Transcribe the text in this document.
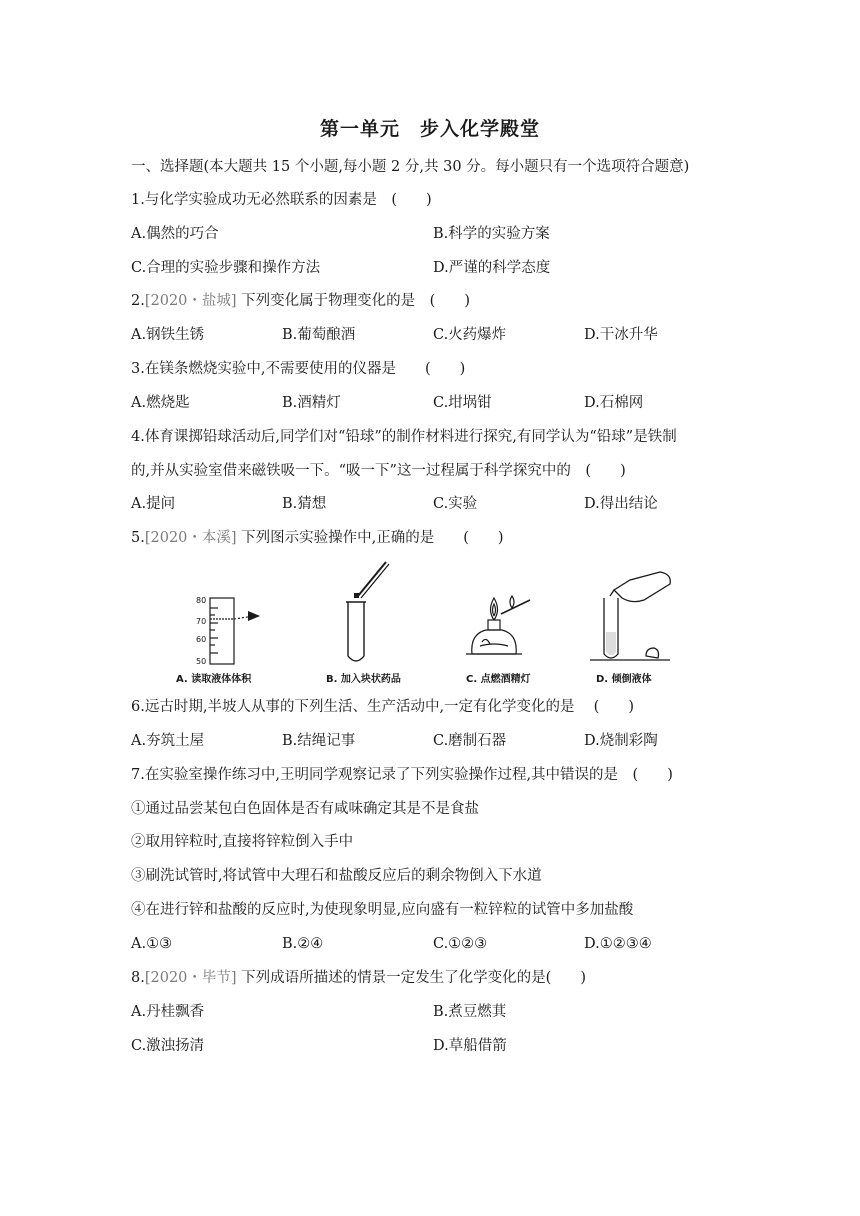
第一单元　步入化学殿堂
一、选择题(本大题共 15 个小题,每小题 2 分,共 30 分。每小题只有一个选项符合题意)
1.与化学实验成功无必然联系的因素是　(　　)
A.偶然的巧合	B.科学的实验方案
C.合理的实验步骤和操作方法	D.严谨的科学态度
2.[2020・盐城] 下列变化属于物理变化的是　(　　)
A.钢铁生锈	B.葡萄酿酒	C.火药爆炸	D.干冰升华
3.在镁条燃烧实验中,不需要使用的仪器是　　(　　)
A.燃烧匙	B.酒精灯	C.坩埚钳	D.石棉网
4.体育课掷铅球活动后,同学们对“铅球”的制作材料进行探究,有同学认为“铅球”是铁制
的,并从实验室借来磁铁吸一下。“吸一下”这一过程属于科学探究中的　(　　)
A.提问	B.猜想	C.实验	D.得出结论
5.[2020・本溪] 下列图示实验操作中,正确的是　　(　　)
80
70
60
50
A. 读取液体体积	B. 加入块状药品	C. 点燃酒精灯	D. 倾倒液体
6.远古时期,半坡人从事的下列生活、生产活动中,一定有化学变化的是　 (　　)
A.夯筑土屋	B.结绳记事	C.磨制石器	D.烧制彩陶
7.在实验室操作练习中,王明同学观察记录了下列实验操作过程,其中错误的是　(　　)
①通过品尝某包白色固体是否有咸味确定其是不是食盐
②取用锌粒时,直接将锌粒倒入手中
③刷洗试管时,将试管中大理石和盐酸反应后的剩余物倒入下水道
④在进行锌和盐酸的反应时,为使现象明显,应向盛有一粒锌粒的试管中多加盐酸
A.①③	B.②④	C.①②③	D.①②③④
8.[2020・毕节] 下列成语所描述的情景一定发生了化学变化的是(　　)
A.丹桂飘香	B.煮豆燃萁
C.激浊扬清	D.草船借箭
